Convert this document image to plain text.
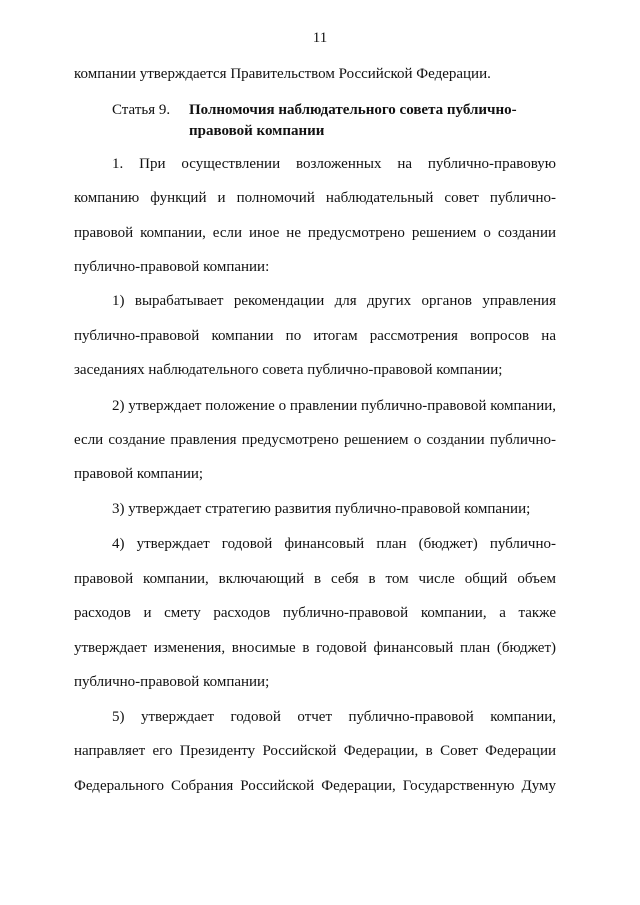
11
компании утверждается Правительством Российской Федерации.
Статья 9. Полномочия наблюдательного совета публично-
правовой компании
1. При осуществлении возложенных на публично-правовую
компанию функций и полномочий наблюдательный совет публично-
правовой компании, если иное не предусмотрено решением о создании
публично-правовой компании:
1) вырабатывает рекомендации для других органов управления
публично-правовой компании по итогам рассмотрения вопросов на
заседаниях наблюдательного совета публично-правовой компании;
2) утверждает положение о правлении публично-правовой компании,
если создание правления предусмотрено решением о создании публично-
правовой компании;
3) утверждает стратегию развития публично-правовой компании;
4) утверждает годовой финансовый план (бюджет) публично-
правовой компании, включающий в себя в том числе общий объем
расходов и смету расходов публично-правовой компании, а также
утверждает изменения, вносимые в годовой финансовый план (бюджет)
публично-правовой компании;
5) утверждает годовой отчет публично-правовой компании,
направляет его Президенту Российской Федерации, в Совет Федерации
Федерального Собрания Российской Федерации, Государственную Думу
